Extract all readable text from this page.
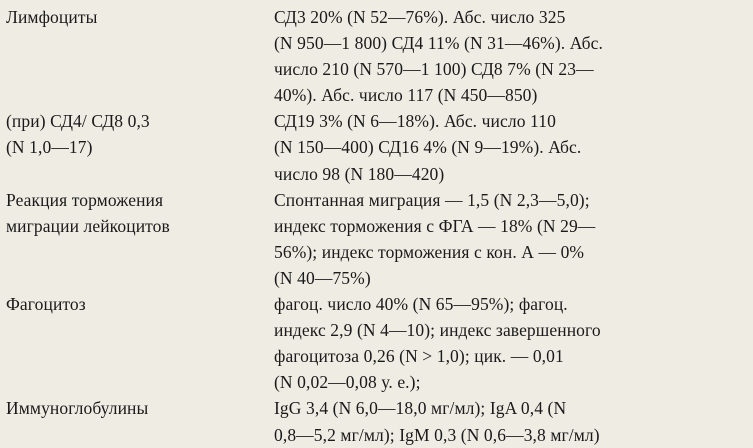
Лимфоциты	СД3 20% (N 52—76%). Абс. число 325
(N 950—1 800) СД4 11% (N 31—46%). Абс.
число 210 (N 570—1 100) СД8 7% (N 23—
40%). Абс. число 117 (N 450—850)

(при) СД4/ СД8 0,3
(N 1,0—17)	СД19 3% (N 6—18%). Абс. число 110
(N 150—400) СД16 4% (N 9—19%). Абс.
число 98 (N 180—420)

Реакция торможения
миграции лейкоцитов	Спонтанная миграция — 1,5 (N 2,3—5,0);
индекс торможения с ФГА — 18% (N 29—
56%); индекс торможения с кон. А — 0%
(N 40—75%)

Фагоцитоз	фагоц. число 40% (N 65—95%); фагоц.
индекс 2,9 (N 4—10); индекс завершенного
фагоцитоза 0,26 (N > 1,0); цик. — 0,01
(N 0,02—0,08 у. е.);

Иммуноглобулины	IgG 3,4 (N 6,0—18,0 мг/мл); IgA 0,4 (N
0,8—5,2 мг/мл); IgM 0,3 (N 0,6—3,8 мг/мл)
